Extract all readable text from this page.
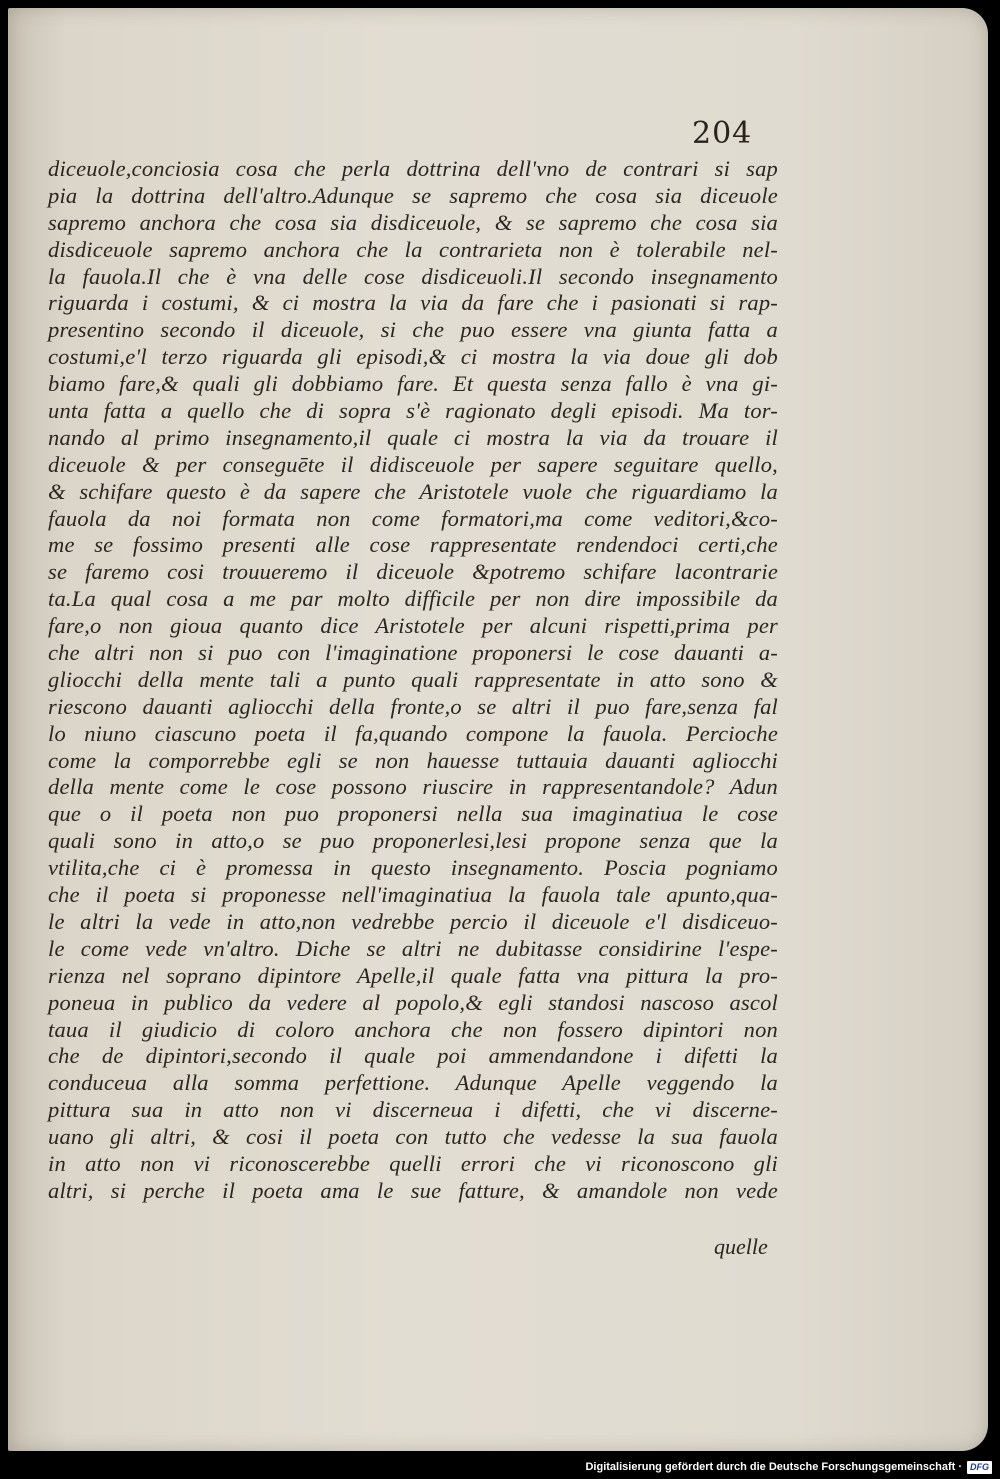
204
diceuole,conciosia cosa che perla dottrina dell'vno de contrari si sap
pia la dottrina dell'altro.Adunque se sapremo che cosa sia diceuole
sapremo anchora che cosa sia disdiceuole, & se sapremo che cosa sia
disdiceuole sapremo anchora che la contrarieta non è tolerabile nel-
la fauola.Il che è vna delle cose disdiceuoli.Il secondo insegnamento
riguarda i costumi, & ci mostra la via da fare che i pasionati si rap-
presentino secondo il diceuole, si che puo essere vna giunta fatta a
costumi,e'l terzo riguarda gli episodi,& ci mostra la via doue gli dob
biamo fare,& quali gli dobbiamo fare. Et questa senza fallo è vna gi-
unta fatta a quello che di sopra s'è ragionato degli episodi. Ma tor-
nando al primo insegnamento,il quale ci mostra la via da trouare il
diceuole & per conseguēte il didisceuole per sapere seguitare quello,
& schifare questo è da sapere che Aristotele vuole che riguardiamo la
fauola da noi formata non come formatori,ma come veditori,&co-
me se fossimo presenti alle cose rappresentate rendendoci certi,che
se faremo cosi trouueremo il diceuole &potremo schifare lacontrarie
ta.La qual cosa a me par molto difficile per non dire impossibile da
fare,o non gioua quanto dice Aristotele per alcuni rispetti,prima per
che altri non si puo con l'imaginatione proponersi le cose dauanti a-
gliocchi della mente tali a punto quali rappresentate in atto sono &
riescono dauanti agliocchi della fronte,o se altri il puo fare,senza fal
lo niuno ciascuno poeta il fa,quando compone la fauola. Percioche
come la comporrebbe egli se non hauesse tuttauia dauanti agliocchi
della mente come le cose possono riuscire in rappresentandole? Adun
que o il poeta non puo proponersi nella sua imaginatiua le cose
quali sono in atto,o se puo proponerlesi,lesi propone senza que la
vtilita,che ci è promessa in questo insegnamento. Poscia pogniamo
che il poeta si proponesse nell'imaginatiua la fauola tale apunto,qua-
le altri la vede in atto,non vedrebbe percio il diceuole e'l disdiceuo-
le come vede vn'altro. Diche se altri ne dubitasse considirine l'espe-
rienza nel soprano dipintore Apelle,il quale fatta vna pittura la pro-
poneua in publico da vedere al popolo,& egli standosi nascoso ascol
taua il giudicio di coloro anchora che non fossero dipintori non
che de dipintori,secondo il quale poi ammendandone i difetti la
conduceua alla somma perfettione. Adunque Apelle veggendo la
pittura sua in atto non vi discerneua i difetti, che vi discerne-
uano gli altri, & cosi il poeta con tutto che vedesse la sua fauola
in atto non vi riconoscerebbe quelli errori che vi riconoscono gli
altri, si perche il poeta ama le sue fatture, & amandole non vede
quelle
Digitalisierung gefördert durch die Deutsche Forschungsgemeinschaft · DFG
